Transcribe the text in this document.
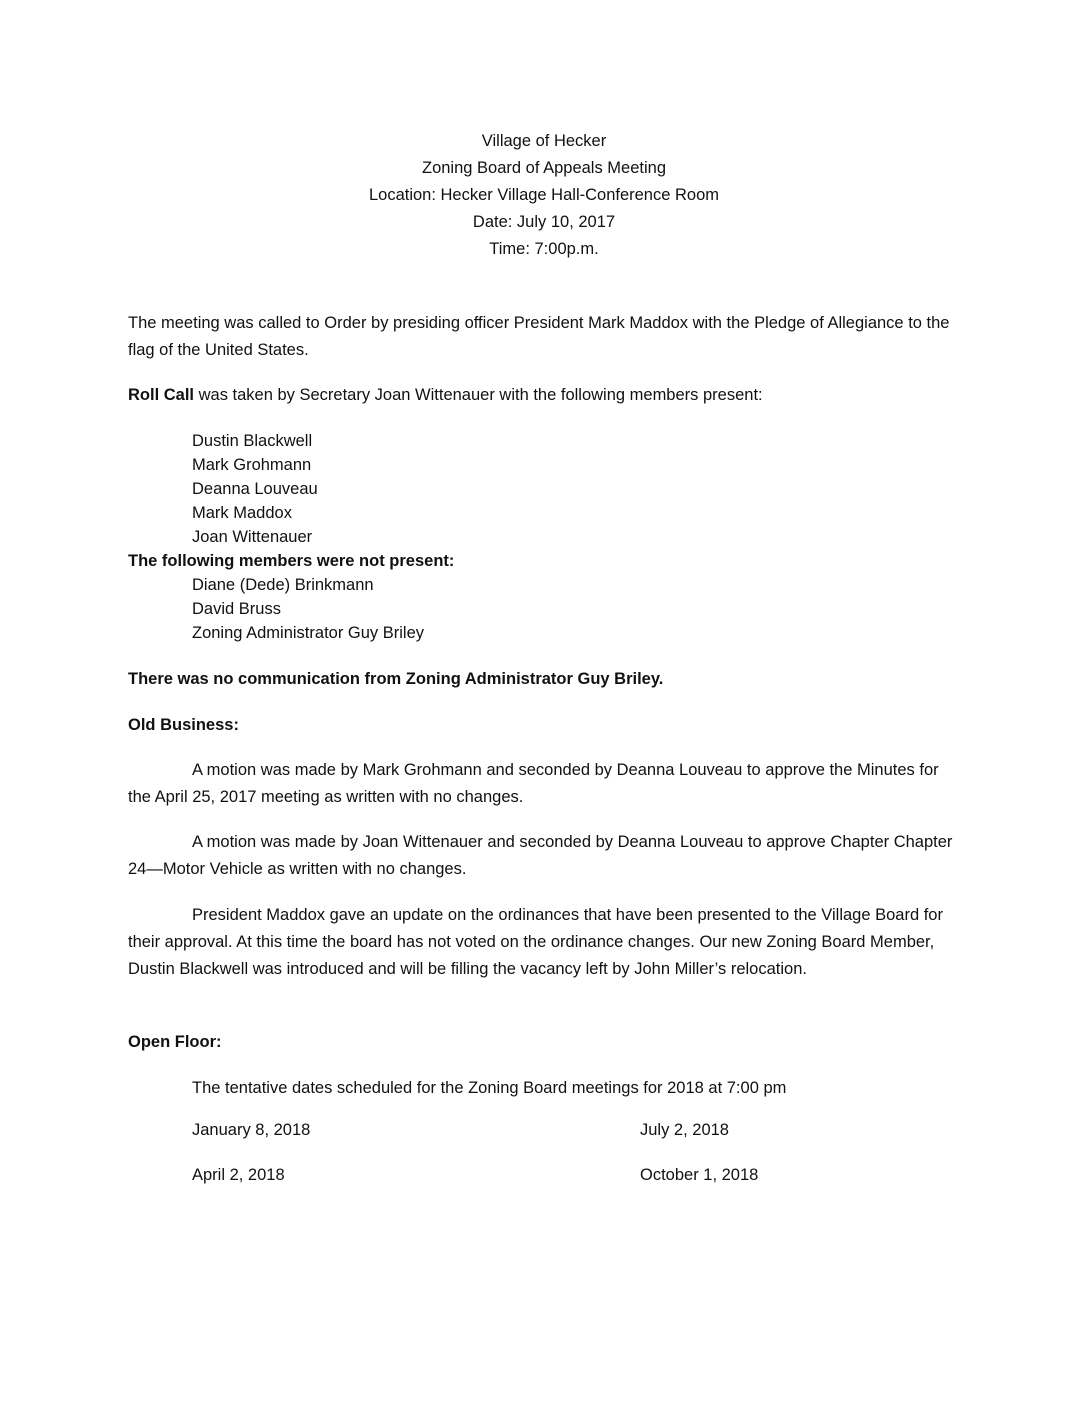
Village of Hecker
Zoning Board of Appeals Meeting
Location: Hecker Village Hall-Conference Room
Date: July 10, 2017
Time: 7:00p.m.
The meeting was called to Order by presiding officer President Mark Maddox with the Pledge of Allegiance to the flag of the United States.
Roll Call was taken by Secretary Joan Wittenauer with the following members present:
Dustin Blackwell
Mark Grohmann
Deanna Louveau
Mark Maddox
Joan Wittenauer
The following members were not present:
Diane (Dede) Brinkmann
David Bruss
Zoning Administrator Guy Briley
There was no communication from Zoning Administrator Guy Briley.
Old Business:
A motion was made by Mark Grohmann and seconded by Deanna Louveau to approve the Minutes for the April 25, 2017 meeting as written with no changes.
A motion was made by Joan Wittenauer and seconded by Deanna Louveau to approve Chapter Chapter 24—Motor Vehicle as written with no changes.
President Maddox gave an update on the ordinances that have been presented to the Village Board for their approval. At this time the board has not voted on the ordinance changes. Our new Zoning Board Member, Dustin Blackwell was introduced and will be filling the vacancy left by John Miller’s relocation.
Open Floor:
The tentative dates scheduled for the Zoning Board meetings for 2018 at 7:00 pm
January 8, 2018	July 2, 2018
April 2, 2018	October 1, 2018
